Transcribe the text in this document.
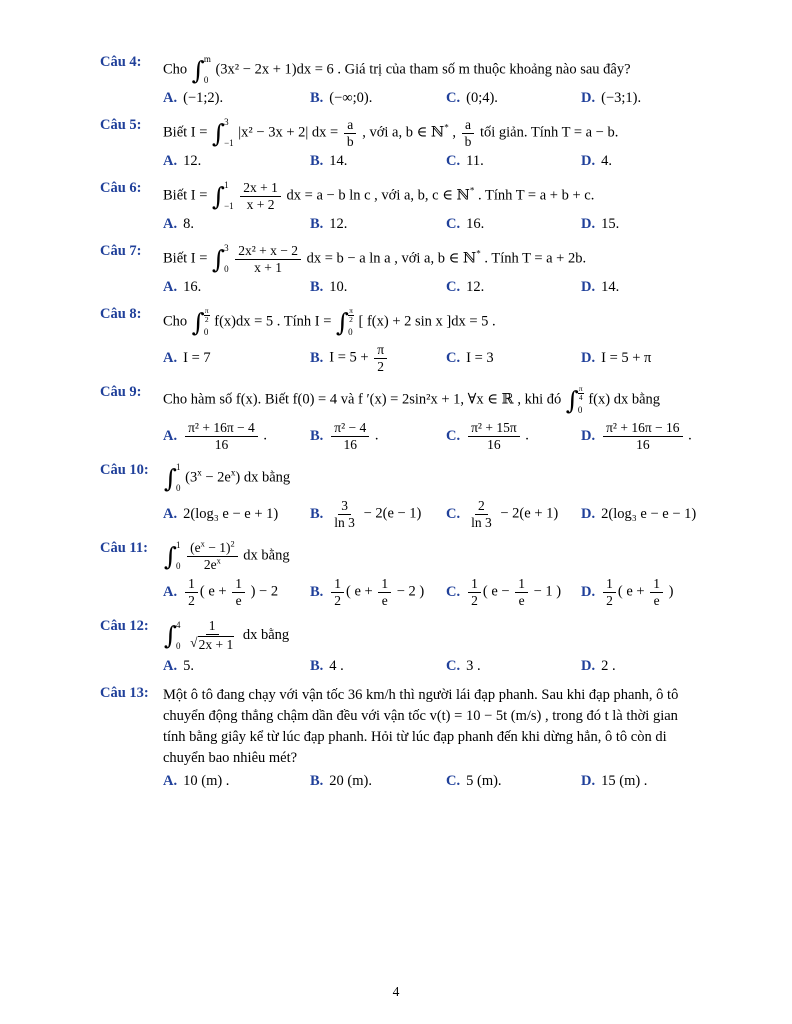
Câu 4:	Cho ∫ m
0
(3x² − 2x + 1)dx = 6 . Giá trị của tham số m thuộc khoảng nào sau đây?
A. (−1;2).	B. (−∞;0).	C. (0;4).	D. (−3;1).
Câu 5:	Biết I = ∫ 3
−1
|x² − 3x + 2| dx = $\frac{a}{b}$ , với a, b ∈ ℕ* , $\frac{a}{b}$ tối giản. Tính T = a − b.
A. 12.	B. 14.	C. 11.	D. 4.
Câu 6:	Biết I = ∫ 1
−1
$\frac{2x + 1}{x + 2}$ dx = a − b ln c , với a, b, c ∈ ℕ* . Tính T = a + b + c.
A. 8.	B. 12.	C. 16.	D. 15.
Câu 7:	Biết I = ∫ 3
0
$\frac{\text{2x² + x − 2}}{x + 1}$ dx = b − a ln a , với a, b ∈ ℕ* . Tính T = a + 2b.
A. 16.	B. 10.	C. 12.	D. 14.
Câu 8:	Cho ∫ π
2
0
f(x)dx = 5 . Tính I = ∫ π
2
0
[ f(x) + 2 sin x ]dx = 5 .
A. I = 7	B. $I = 5 + \frac{\pi}{2}$	C. I = 3	D. I = 5 + π
Câu 9:	Cho hàm số f(x). Biết f(0) = 4 và f ′(x) = 2sin²x + 1, ∀x ∈ ℝ , khi đó ∫ π
4
0
f(x) dx bằng
A. $\frac{\text{π² + 16π − 4}}{16}$ .	B. $\frac{\text{π² − 4}}{16}$ .	C. $\frac{\text{π² + 15π}}{16}$ .	D. $\frac{\text{π² + 16π − 16}}{16}$ .
Câu 10: ∫ 1
0
$(3^x - 2e^x)$ dx bằng
A. 2(log₃ e − e + 1) B. $\frac{3}{\ln 3} - 2(e - 1)$ C. $\frac{2}{\ln 3} - 2(e + 1)$ D. 2(log₃ e − e − 1)
Câu 11: ∫ 1
0
$\frac{(e^x - 1)^2}{2e^x}$ dx bằng
A. $\frac{1}{2}$ ( $e + \frac{1}{e}$ ) − 2 B. $\frac{1}{2}$ ( $e + \frac{1}{e} - 2$ ) C. $\frac{1}{2}$ ( $e - \frac{1}{e} - 1$ ) D. $\frac{1}{2}$ ( $e + \frac{1}{e}$ )
Câu 12: ∫ 4
0
$\frac{1}{√ 2x + 1}$ dx bằng
A. 5.	B. 4 .	C. 3 .	D. 2 .
Câu 13: Một ô tô đang chạy với vận tốc 36 km/h thì người lái đạp phanh. Sau khi đạp phanh, ô tô chuyển động thẳng chậm dần đều với vận tốc v(t) = 10 − 5t (m/s) , trong đó t là thời gian tính bằng giây kể từ lúc đạp phanh. Hỏi từ lúc đạp phanh đến khi dừng hẳn, ô tô còn di chuyển bao nhiêu mét?
A. 10 (m) .	B. 20 (m).	C. 5 (m).	D. 15 (m) .
4
